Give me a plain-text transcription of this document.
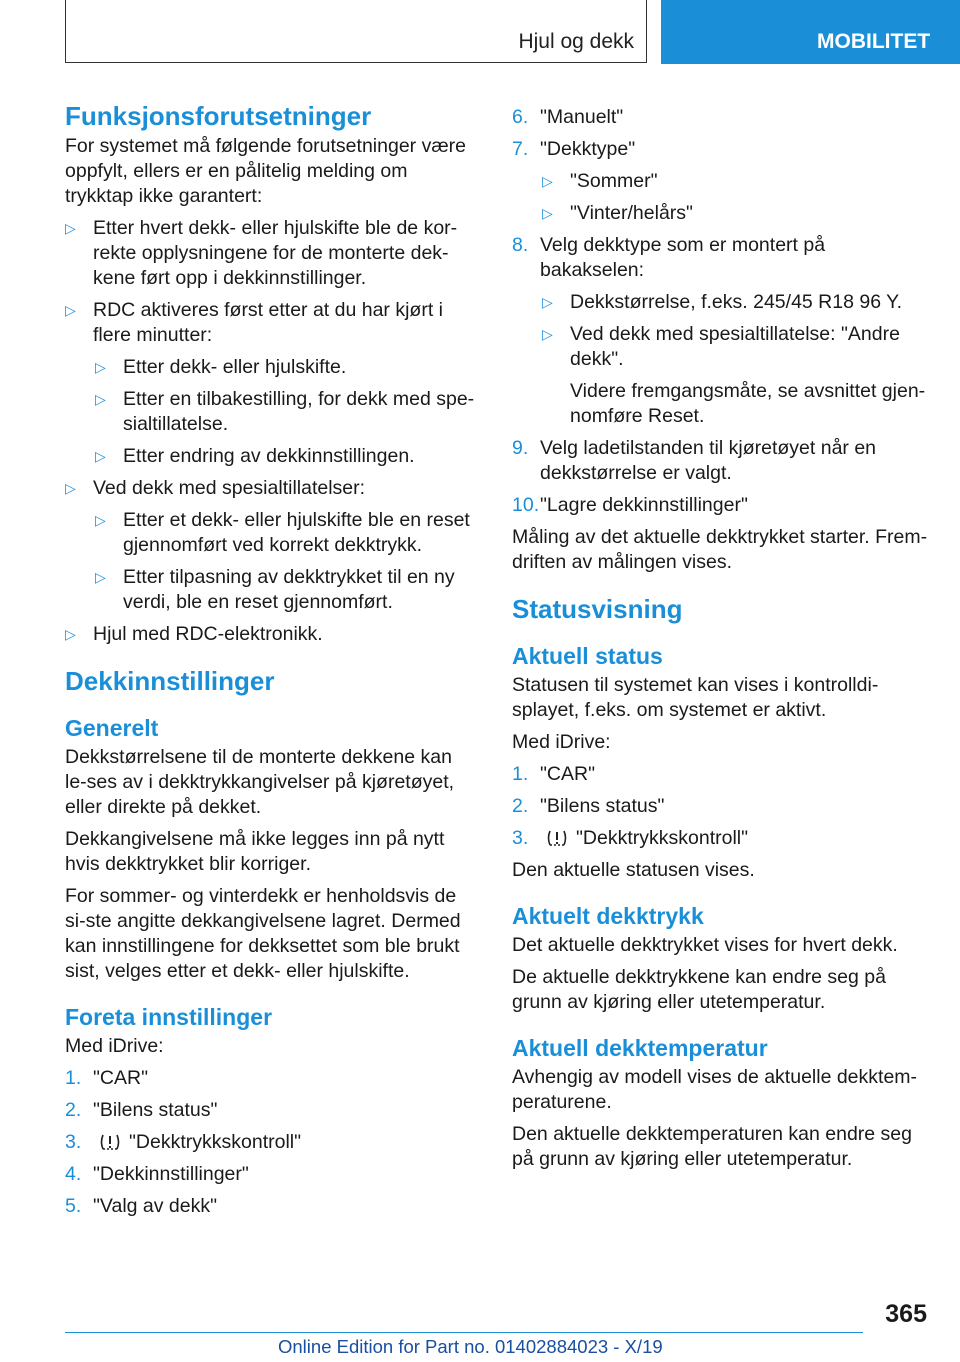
Hjul og dekk	MOBILITET
Funksjonsforutsetninger

For systemet må følgende forutsetninger være oppfylt, ellers er en pålitelig melding om trykktap ikke garantert:

▷ Etter hvert dekk- eller hjulskifte ble de kor-rekte opplysningene for de monterte dek-kene ført opp i dekkinnstillinger.
▷ RDC aktiveres først etter at du har kjørt i flere minutter:
▷ Etter dekk- eller hjulskifte.
▷ Etter en tilbakestilling, for dekk med spe-sialtillatelse.
▷ Etter endring av dekkinnstillingen.
▷ Ved dekk med spesialtillatelser:
▷ Etter et dekk- eller hjulskifte ble en reset gjennomført ved korrekt dekktrykk.
▷ Etter tilpasning av dekktrykket til en ny verdi, ble en reset gjennomført.
▷ Hjul med RDC-elektronikk.
Dekkinnstillinger
Generelt

Dekkstørrelsene til de monterte dekkene kan le-ses av i dekktrykkangivelser på kjøretøyet, eller direkte på dekket.

Dekkangivelsene må ikke legges inn på nytt hvis dekktrykket blir korriger.

For sommer- og vinterdekk er henholdsvis de si-ste angitte dekkangivelsene lagret. Dermed kan innstillingene for dekksettet som ble brukt sist, velges etter et dekk- eller hjulskifte.

Foreta innstillinger

Med iDrive:

1. "CAR"
2. "Bilens status"
3. "Dekktrykkskontroll"
4. "Dekkinnstillinger"
5. "Valg av dekk"
6. "Manuelt"
7. "Dekktype"
▷ "Sommer"
▷ "Vinter/helårs"
8. Velg dekktype som er montert på bakakselen:
▷ Dekkstørrelse, f.eks. 245/45 R18 96 Y.
▷ Ved dekk med spesialtillatelse: "Andre dekk".
Videre fremgangsmåte, se avsnittet gjen-nomføre Reset.
9. Velg ladetilstanden til kjøretøyet når en dekkstørrelse er valgt.
10. "Lagre dekkinnstillinger"

Måling av det aktuelle dekktrykket starter. Frem-driften av målingen vises.

Statusvisning
Aktuell status

Statusen til systemet kan vises i kontrolldi-splayet, f.eks. om systemet er aktivt.

Med iDrive:

1. "CAR"
2. "Bilens status"
3. "Dekktrykkskontroll"

Den aktuelle statusen vises.

Aktuelt dekktrykk

Det aktuelle dekktrykket vises for hvert dekk.

De aktuelle dekktrykkene kan endre seg på grunn av kjøring eller utetemperatur.

Aktuell dekktemperatur

Avhengig av modell vises de aktuelle dekktem-peraturene.

Den aktuelle dekktemperaturen kan endre seg på grunn av kjøring eller utetemperatur.

365
Online Edition for Part no. 01402884023 - X/19
